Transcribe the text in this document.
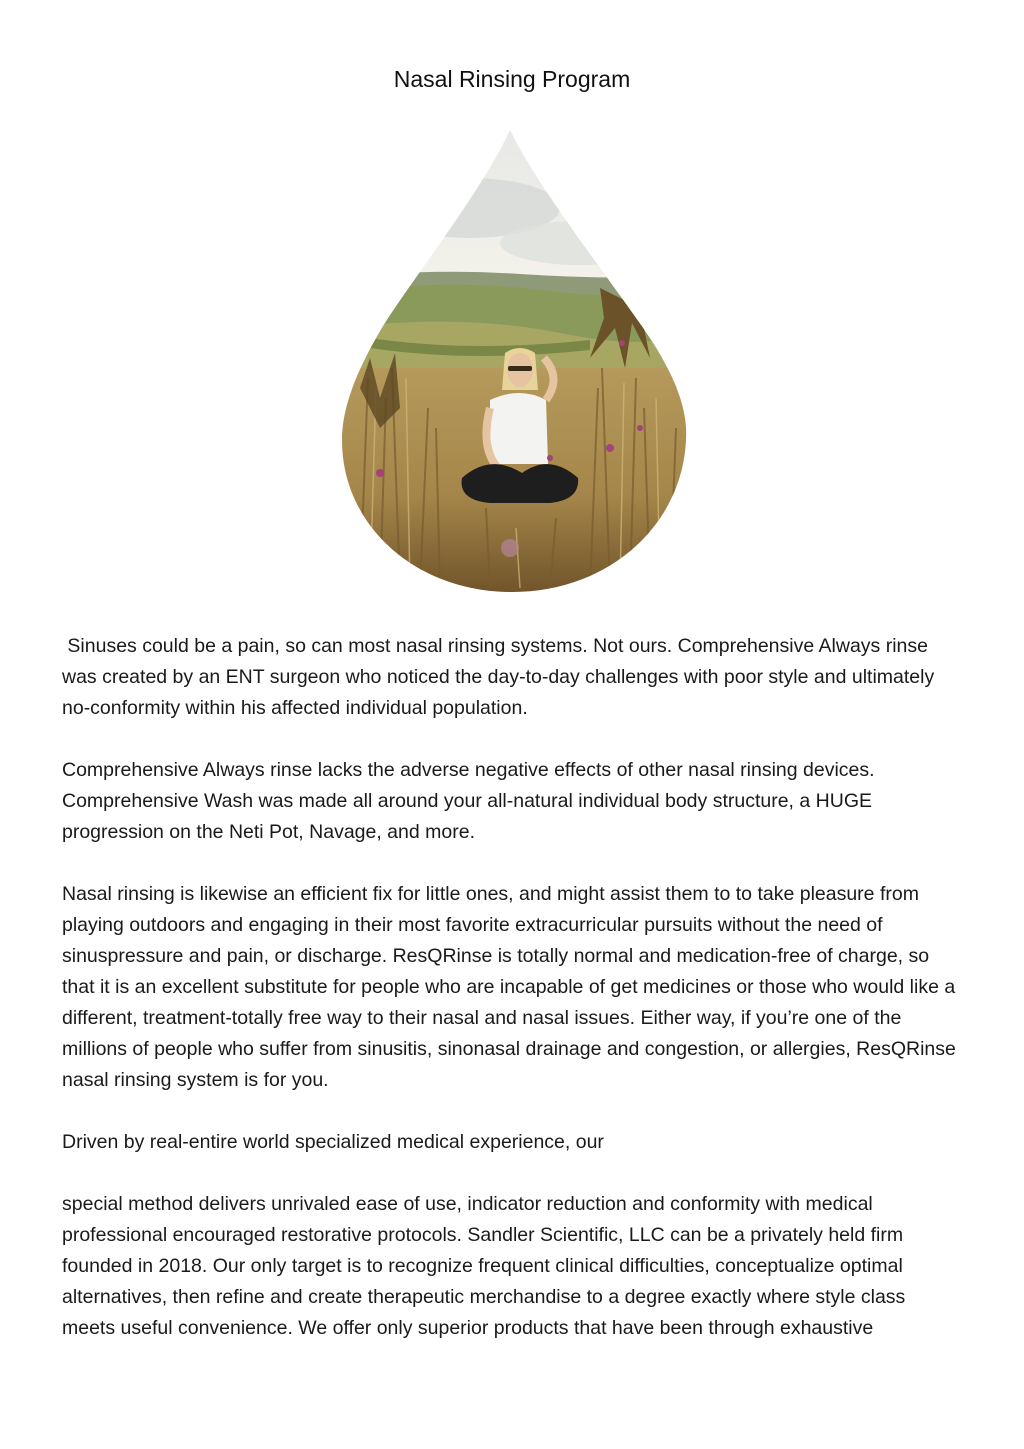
Nasal Rinsing Program

Sinuses could be a pain, so can most nasal rinsing systems. Not ours. Comprehensive Always rinse was created by an ENT surgeon who noticed the day-to-day challenges with poor style and ultimately no-conformity within his affected individual population.

Comprehensive Always rinse lacks the adverse negative effects of other nasal rinsing devices. Comprehensive Wash was made all around your all-natural individual body structure, a HUGE progression on the Neti Pot, Navage, and more.

Nasal rinsing is likewise an efficient fix for little ones, and might assist them to to take pleasure from playing outdoors and engaging in their most favorite extracurricular pursuits without the need of sinuspressure and pain, or discharge. ResQRinse is totally normal and medication-free of charge, so that it is an excellent substitute for people who are incapable of get medicines or those who would like a different, treatment-totally free way to their nasal and nasal issues. Either way, if you’re one of the millions of people who suffer from sinusitis, sinonasal drainage and congestion, or allergies, ResQRinse nasal rinsing system is for you.

Driven by real-entire world specialized medical experience, our

special method delivers unrivaled ease of use, indicator reduction and conformity with medical professional encouraged restorative protocols. Sandler Scientific, LLC can be a privately held firm founded in 2018. Our only target is to recognize frequent clinical difficulties, conceptualize optimal alternatives, then refine and create therapeutic merchandise to a degree exactly where style class meets useful convenience. We offer only superior products that have been through exhaustive
